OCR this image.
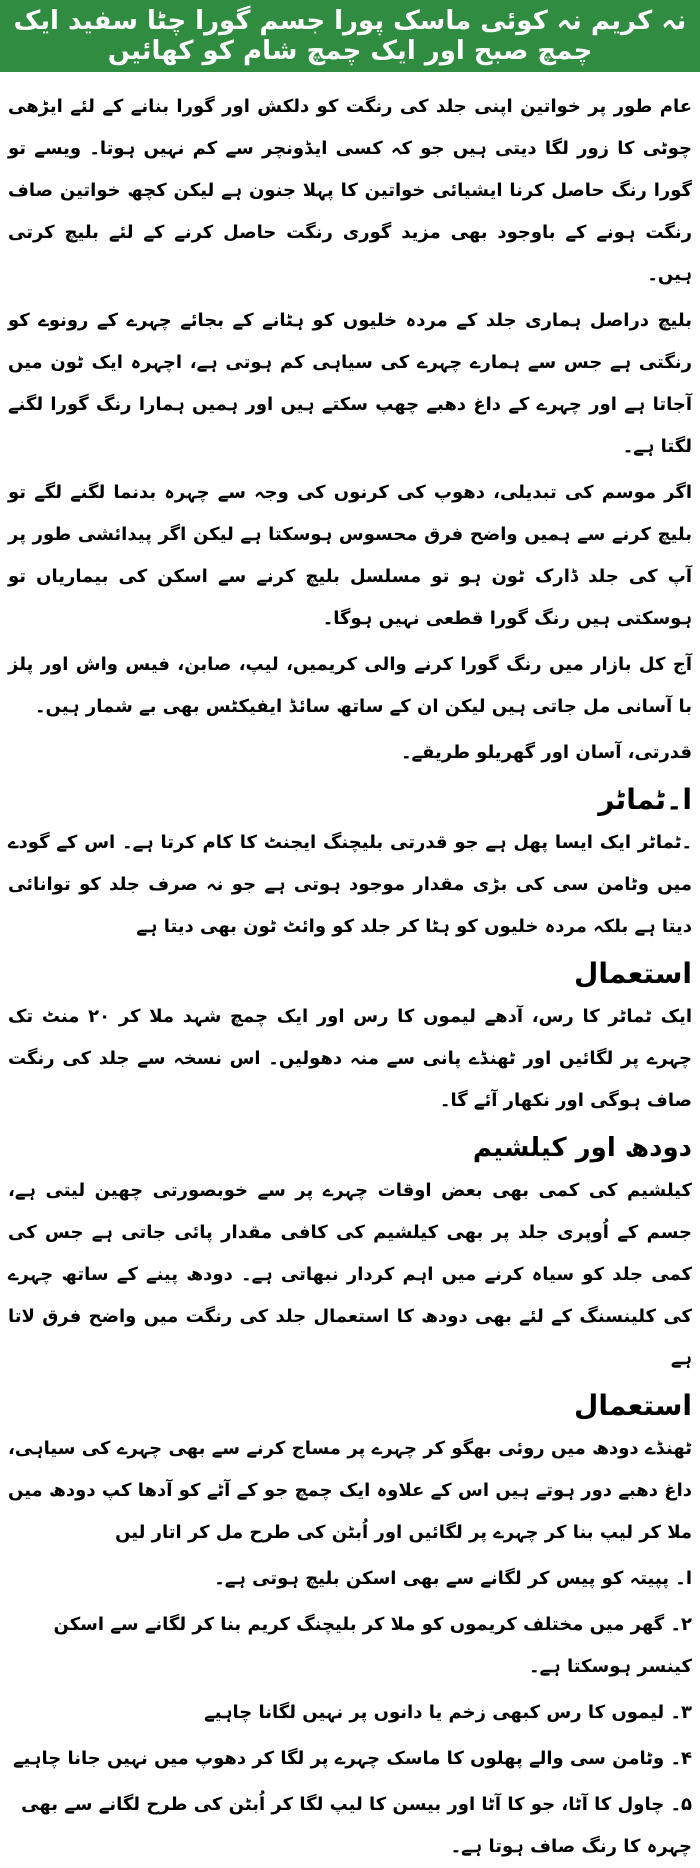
نہ کریم نہ کوئی ماسک پورا جسم گورا چٹا سفید ایک چمچ صبح اور ایک چمچ شام کو کھائیں

عام طور پر خواتین اپنی جلد کی رنگت کو دلکش اور گورا بنانے کے لئے ایڑھی چوٹی کا زور لگا دیتی ہیں جو کہ کسی ایڈونچر سے کم نہیں ہوتا۔ ویسے تو گورا رنگ حاصل کرنا ایشیائی خواتین کا پہلا جنون ہے لیکن کچھ خواتین صاف رنگت ہونے کے باوجود بھی مزید گوری رنگت حاصل کرنے کے لئے بلیچ کرتی ہیں۔

بلیچ دراصل ہماری جلد کے مردہ خلیوں کو ہٹانے کے بجائے چہرے کے رونوے کو رنگتی ہے جس سے ہمارے چہرے کی سیاہی کم ہوتی ہے، اچہرہ ایک ٹون میں آجاتا ہے اور چہرے کے داغ دھبے چھپ سکتے ہیں اور ہمیں ہمارا رنگ گورا لگنے لگتا ہے۔

اگر موسم کی تبدیلی، دھوپ کی کرنوں کی وجہ سے چہرہ بدنما لگنے لگے تو بلیچ کرنے سے ہمیں واضح فرق محسوس ہوسکتا ہے لیکن اگر پیدائشی طور پر آپ کی جلد ڈارک ٹون ہو تو مسلسل بلیچ کرنے سے اسکن کی بیماریاں تو ہوسکتی ہیں رنگ گورا قطعی نہیں ہوگا۔

آج کل بازار میں رنگ گورا کرنے والی کریمیں، لیپ، صابن، فیس واش اور پلز با آسانی مل جاتی ہیں لیکن ان کے ساتھ سائڈ ایفیکٹس بھی بے شمار ہیں۔

قدرتی، آسان اور گھریلو طریقے۔

ا۔ٹماٹر

۔ٹماٹر ایک ایسا پھل ہے جو قدرتی بلیچنگ ایجنٹ کا کام کرتا ہے۔ اس کے گودے میں وٹامن سی کی بڑی مقدار موجود ہوتی ہے جو نہ صرف جلد کو توانائی دیتا ہے بلکہ مردہ خلیوں کو ہٹا کر جلد کو وائٹ ٹون بھی دیتا ہے

استعمال

ایک ٹماٹر کا رس، آدھے لیموں کا رس اور ایک چمچ شہد ملا کر ۲۰ منٹ تک چہرے پر لگائیں اور ٹھنڈے پانی سے منہ دھولیں۔ اس نسخہ سے جلد کی رنگت صاف ہوگی اور نکھار آئے گا۔

دودھ اور کیلشیم

کیلشیم کی کمی بھی بعض اوقات چہرے پر سے خوبصورتی چھین لیتی ہے، جسم کے اُوپری جلد پر بھی کیلشیم کی کافی مقدار پائی جاتی ہے جس کی کمی جلد کو سیاہ کرنے میں اہم کردار نبھاتی ہے۔ دودھ پینے کے ساتھ چہرے کی کلینسنگ کے لئے بھی دودھ کا استعمال جلد کی رنگت میں واضح فرق لاتا ہے

استعمال

ٹھنڈے دودھ میں روئی بھگو کر چہرے پر مساج کرنے سے بھی چہرے کی سیاہی، داغ دھبے دور ہوتے ہیں اس کے علاوہ ایک چمچ جو کے آٹے کو آدھا کپ دودھ میں ملا کر لیپ بنا کر چہرے پر لگائیں اور اُبٹن کی طرح مل کر اتار لیں

ا۔ پپیتہ کو پیس کر لگانے سے بھی اسکن بلیچ ہوتی ہے۔
۲۔ گھر میں مختلف کریموں کو ملا کر بلیچنگ کریم بنا کر لگانے سے اسکن کینسر ہوسکتا ہے۔
۳۔ لیموں کا رس کبھی زخم یا دانوں پر نہیں لگانا چاہیے
۴۔ وٹامن سی والے پھلوں کا ماسک چہرے پر لگا کر دھوپ میں نہیں جانا چاہیے
۵۔ چاول کا آٹا، جو کا آٹا اور بیسن کا لیپ لگا کر اُبٹن کی طرح لگانے سے بھی چہرہ کا رنگ صاف ہوتا ہے۔
